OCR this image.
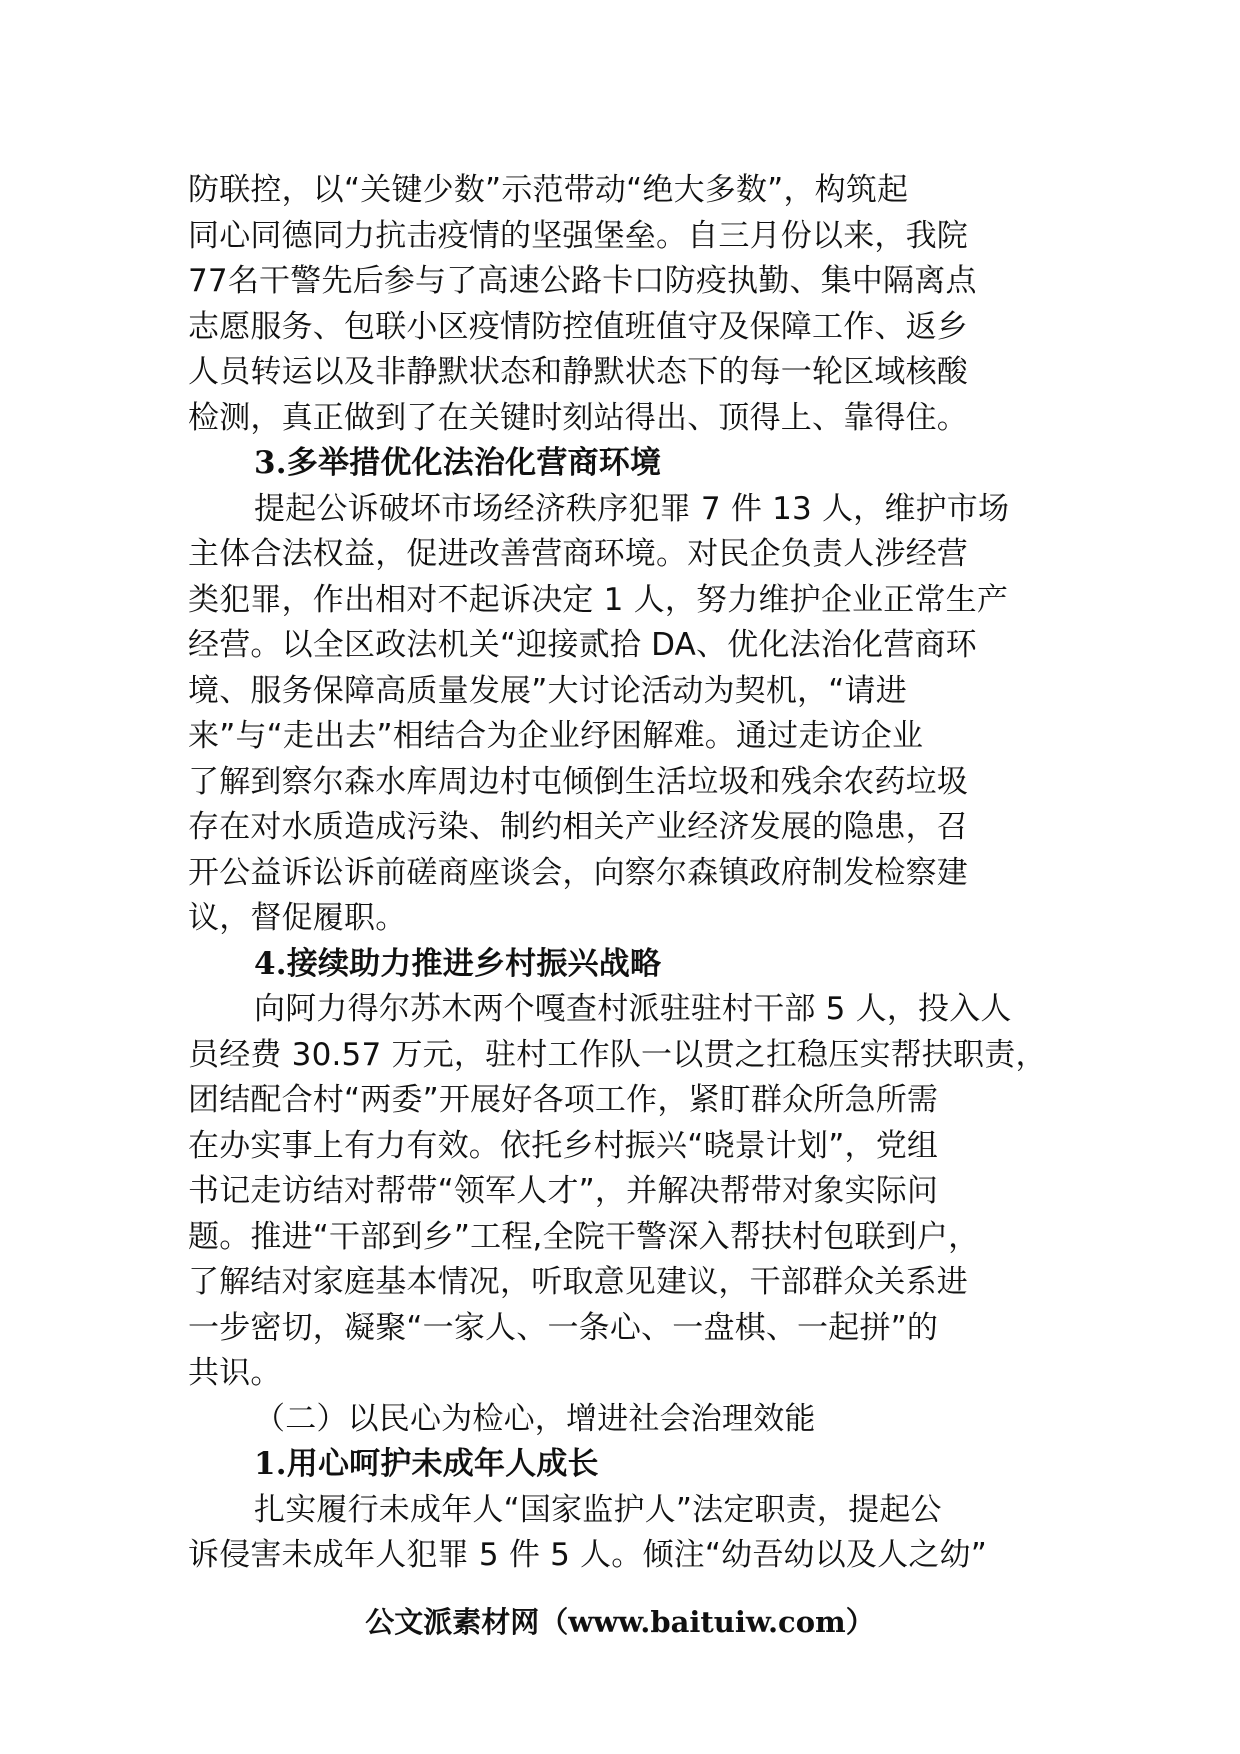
防联控，以“关键少数”示范带动“绝大多数”，构筑起
同心同德同力抗击疫情的坚强堡垒。自三月份以来，我院
77名干警先后参与了高速公路卡口防疫执勤、集中隔离点
志愿服务、包联小区疫情防控值班值守及保障工作、返乡
人员转运以及非静默状态和静默状态下的每一轮区域核酸
检测，真正做到了在关键时刻站得出、顶得上、靠得住。
3.多举措优化法治化营商环境
提起公诉破坏市场经济秩序犯罪 7 件 13 人，维护市场
主体合法权益，促进改善营商环境。对民企负责人涉经营
类犯罪，作出相对不起诉决定 1 人，努力维护企业正常生产
经营。以全区政法机关“迎接贰拾 DA、优化法治化营商环
境、服务保障高质量发展”大讨论活动为契机，“请进
来”与“走出去”相结合为企业纾困解难。通过走访企业
了解到察尔森水库周边村屯倾倒生活垃圾和残余农药垃圾
存在对水质造成污染、制约相关产业经济发展的隐患，召
开公益诉讼诉前磋商座谈会，向察尔森镇政府制发检察建
议，督促履职。
4.接续助力推进乡村振兴战略
向阿力得尔苏木两个嘎查村派驻驻村干部 5 人，投入人
员经费 30.57 万元，驻村工作队一以贯之扛稳压实帮扶职责，
团结配合村“两委”开展好各项工作，紧盯群众所急所需
在办实事上有力有效。依托乡村振兴“晓景计划”，党组
书记走访结对帮带“领军人才”，并解决帮带对象实际问
题。推进“干部到乡”工程,全院干警深入帮扶村包联到户，
了解结对家庭基本情况，听取意见建议，干部群众关系进
一步密切，凝聚“一家人、一条心、一盘棋、一起拼”的
共识。
（二）以民心为检心，增进社会治理效能
1.用心呵护未成年人成长
扎实履行未成年人“国家监护人”法定职责，提起公
诉侵害未成年人犯罪 5 件 5 人。倾注“幼吾幼以及人之幼”
公文派素材网（www.baituiw.com）
